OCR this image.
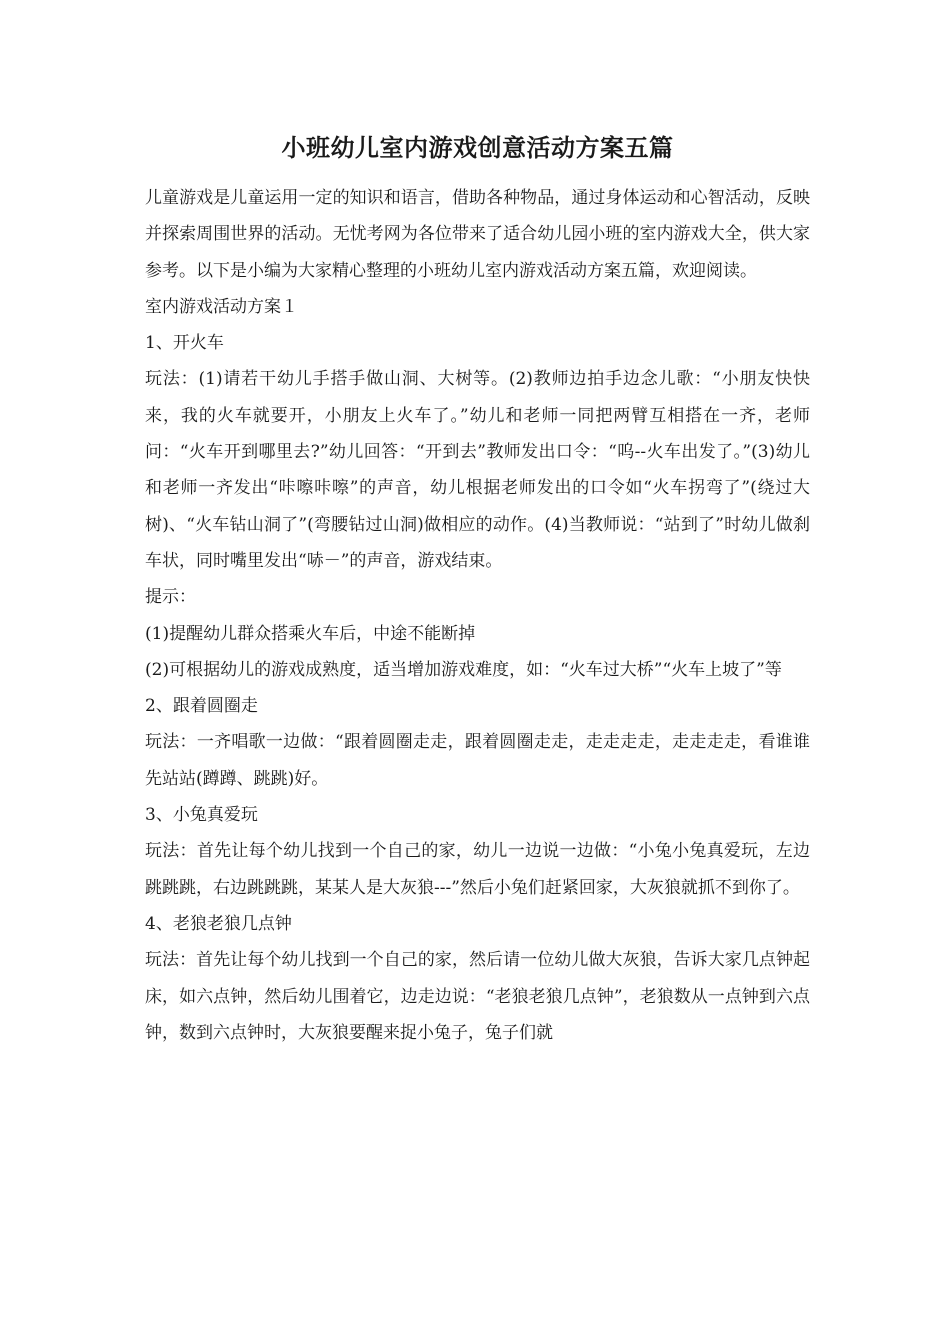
小班幼儿室内游戏创意活动方案五篇

儿童游戏是儿童运用一定的知识和语言，借助各种物品，通过身体运动和心智活动，反映并探索周围世界的活动。无忧考网为各位带来了适合幼儿园小班的室内游戏大全，供大家参考。以下是小编为大家精心整理的小班幼儿室内游戏活动方案五篇，欢迎阅读。

室内游戏活动方案１

1、开火车

玩法：(1)请若干幼儿手搭手做山洞、大树等。(2)教师边拍手边念儿歌：“小朋友快快来，我的火车就要开，小朋友上火车了。”幼儿和老师一同把两臂互相搭在一齐，老师问：“火车开到哪里去?”幼儿回答：“开到去”教师发出口令：“呜--火车出发了。”(3)幼儿和老师一齐发出“咔嚓咔嚓”的声音，幼儿根据老师发出的口令如“火车拐弯了”(绕过大树)、“火车钻山洞了”(弯腰钻过山洞)做相应的动作。(4)当教师说：“站到了”时幼儿做刹车状，同时嘴里发出“哧－”的声音，游戏结束。

提示：

(1)提醒幼儿群众搭乘火车后，中途不能断掉

(2)可根据幼儿的游戏成熟度，适当增加游戏难度，如：“火车过大桥”“火车上坡了”等

2、跟着圆圈走

玩法：一齐唱歌一边做：“跟着圆圈走走，跟着圆圈走走，走走走走，走走走走，看谁谁先站站(蹲蹲、跳跳)好。

3、小兔真爱玩

玩法：首先让每个幼儿找到一个自己的家，幼儿一边说一边做：“小兔小兔真爱玩，左边跳跳跳，右边跳跳跳，某某人是大灰狼---”然后小兔们赶紧回家，大灰狼就抓不到你了。

4、老狼老狼几点钟

玩法：首先让每个幼儿找到一个自己的家，然后请一位幼儿做大灰狼，告诉大家几点钟起床，如六点钟，然后幼儿围着它，边走边说：“老狼老狼几点钟”，老狼数从一点钟到六点钟，数到六点钟时，大灰狼要醒来捉小兔子，兔子们就
